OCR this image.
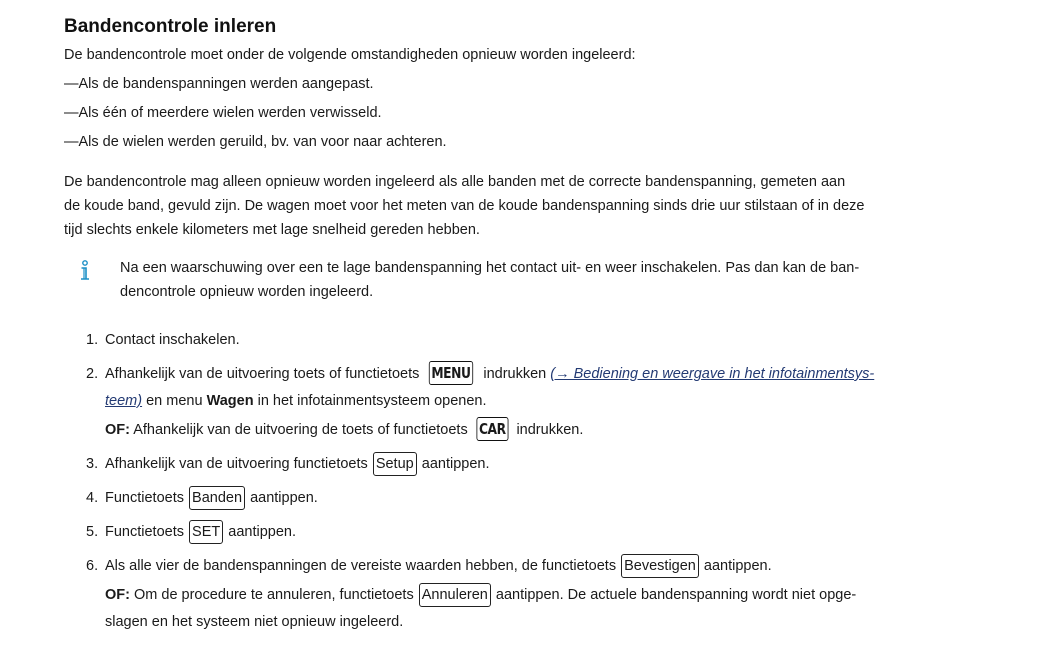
Bandencontrole inleren

De bandencontrole moet onder de volgende omstandigheden opnieuw worden ingeleerd:

—Als de bandenspanningen werden aangepast.

—Als één of meerdere wielen werden verwisseld.

—Als de wielen werden geruild, bv. van voor naar achteren.

De bandencontrole mag alleen opnieuw worden ingeleerd als alle banden met de correcte bandenspanning, gemeten aan
de koude band, gevuld zijn. De wagen moet voor het meten van de koude bandenspanning sinds drie uur stilstaan of in deze
tijd slechts enkele kilometers met lage snelheid gereden hebben.

Na een waarschuwing over een te lage bandenspanning het contact uit- en weer inschakelen. Pas dan kan de ban-
dencontrole opnieuw worden ingeleerd.
1. Contact inschakelen.
2. Afhankelijk van de uitvoering toets of functietoets MENU indrukken (→ Bediening en weergave in het infotainmentsys-
teem) en menu Wagen in het infotainmentsysteem openen.
OF: Afhankelijk van de uitvoering de toets of functietoets CAR indrukken.
3. Afhankelijk van de uitvoering functietoets Setup aantippen.
4. Functietoets Banden aantippen.
5. Functietoets SET aantippen.
6. Als alle vier de bandenspanningen de vereiste waarden hebben, de functietoets Bevestigen aantippen.
OF: Om de procedure te annuleren, functietoets Annuleren aantippen. De actuele bandenspanning wordt niet opge-
slagen en het systeem niet opnieuw ingeleerd.
